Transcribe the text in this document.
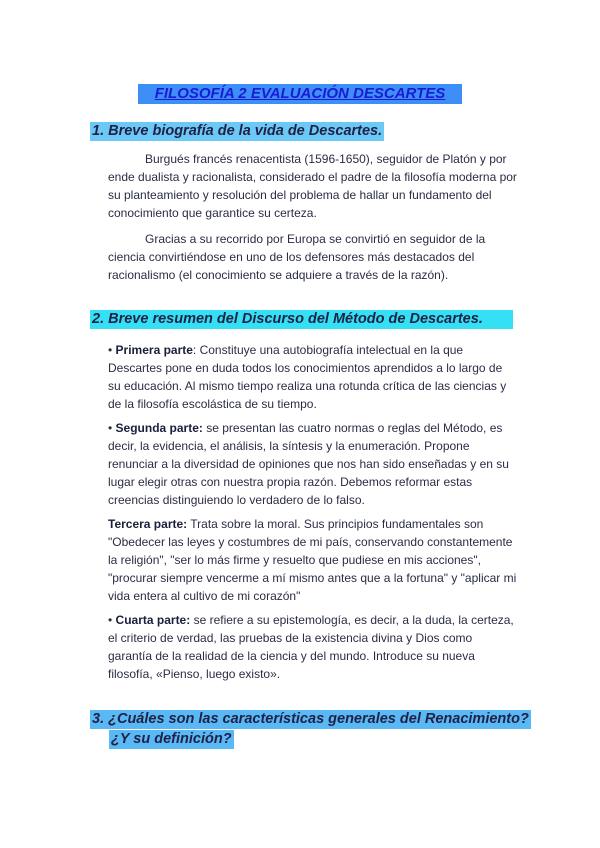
FILOSOFÍA 2 EVALUACIÓN DESCARTES
1. Breve biografía de la vida de Descartes.

Burgués francés renacentista (1596-1650), seguidor de Platón y por ende dualista y racionalista, considerado el padre de la filosofía moderna por su planteamiento y resolución del problema de hallar un fundamento del conocimiento que garantice su certeza.

Gracias a su recorrido por Europa se convirtió en seguidor de la ciencia convirtiéndose en uno de los defensores más destacados del racionalismo (el conocimiento se adquiere a través de la razón).

2. Breve resumen del Discurso del Método de Descartes.

• Primera parte: Constituye una autobiografía intelectual en la que Descartes pone en duda todos los conocimientos aprendidos a lo largo de su educación. Al mismo tiempo realiza una rotunda crítica de las ciencias y de la filosofía escolástica de su tiempo.

• Segunda parte: se presentan las cuatro normas o reglas del Método, es decir, la evidencia, el análisis, la síntesis y la enumeración. Propone renunciar a la diversidad de opiniones que nos han sido enseñadas y en su lugar elegir otras con nuestra propia razón. Debemos reformar estas creencias distinguiendo lo verdadero de lo falso.

Tercera parte: Trata sobre la moral. Sus principios fundamentales son "Obedecer las leyes y costumbres de mi país, conservando constantemente la religión", "ser lo más firme y resuelto que pudiese en mis acciones", "procurar siempre vencerme a mí mismo antes que a la fortuna" y "aplicar mi vida entera al cultivo de mi corazón"

• Cuarta parte: se refiere a su epistemología, es decir, a la duda, la certeza, el criterio de verdad, las pruebas de la existencia divina y Dios como garantía de la realidad de la ciencia y del mundo. Introduce su nueva filosofía, «Pienso, luego existo».

3. ¿Cuáles son las características generales del Renacimiento?
¿Y su definición?
